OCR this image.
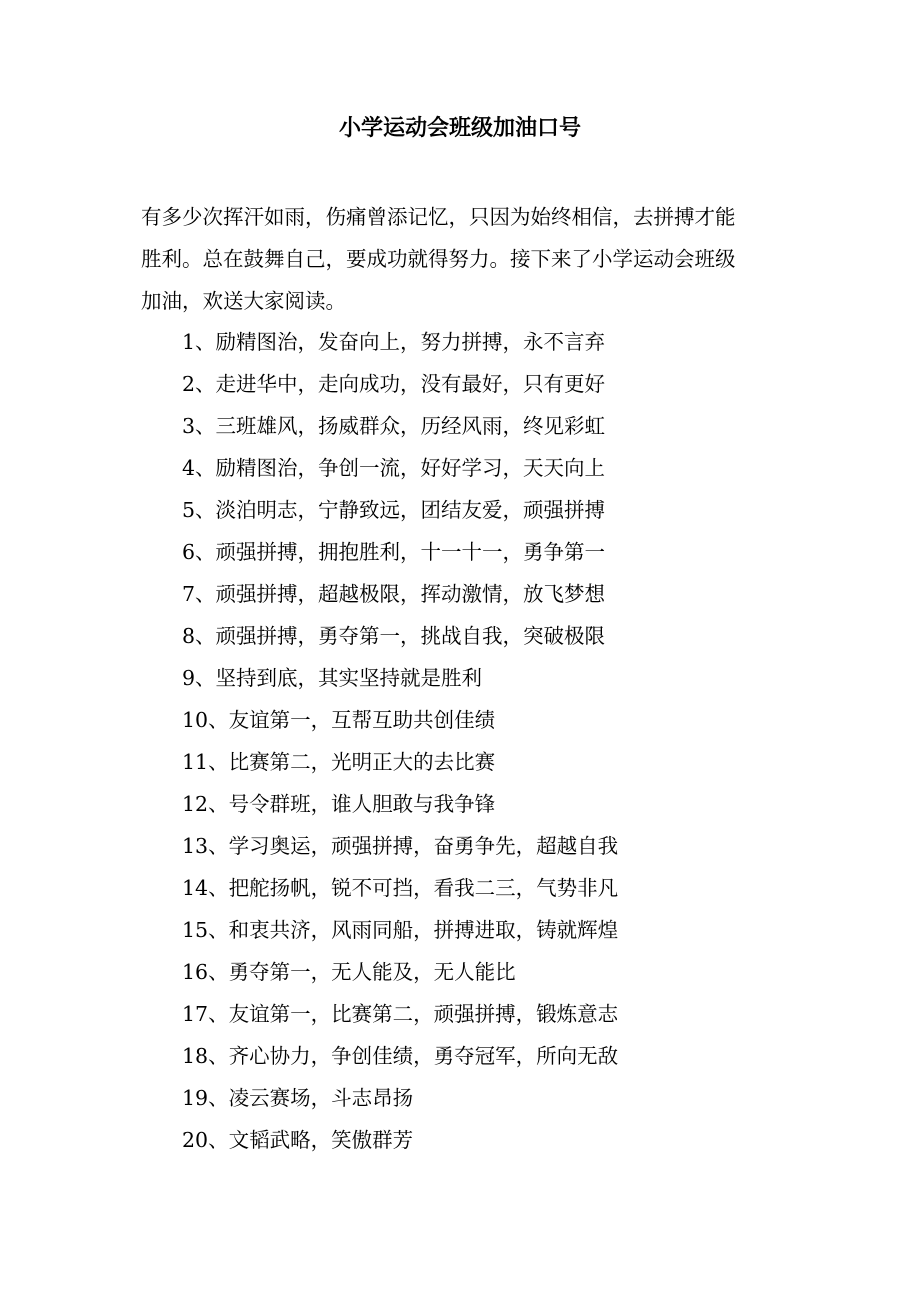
小学运动会班级加油口号
有多少次挥汗如雨，伤痛曾添记忆，只因为始终相信，去拼搏才能
胜利。总在鼓舞自己，要成功就得努力。接下来了小学运动会班级
加油，欢送大家阅读。
1、励精图治，发奋向上，努力拼搏，永不言弃
2、走进华中，走向成功，没有最好，只有更好
3、三班雄风，扬威群众，历经风雨，终见彩虹
4、励精图治，争创一流，好好学习，天天向上
5、淡泊明志，宁静致远，团结友爱，顽强拼搏
6、顽强拼搏，拥抱胜利，十一十一，勇争第一
7、顽强拼搏，超越极限，挥动激情，放飞梦想
8、顽强拼搏，勇夺第一，挑战自我，突破极限
9、坚持到底，其实坚持就是胜利
10、友谊第一，互帮互助共创佳绩
11、比赛第二，光明正大的去比赛
12、号令群班，谁人胆敢与我争锋
13、学习奥运，顽强拼搏，奋勇争先，超越自我
14、把舵扬帆，锐不可挡，看我二三，气势非凡
15、和衷共济，风雨同船，拼搏进取，铸就辉煌
16、勇夺第一，无人能及，无人能比
17、友谊第一，比赛第二，顽强拼搏，锻炼意志
18、齐心协力，争创佳绩，勇夺冠军，所向无敌
19、凌云赛场，斗志昂扬
20、文韬武略，笑傲群芳
